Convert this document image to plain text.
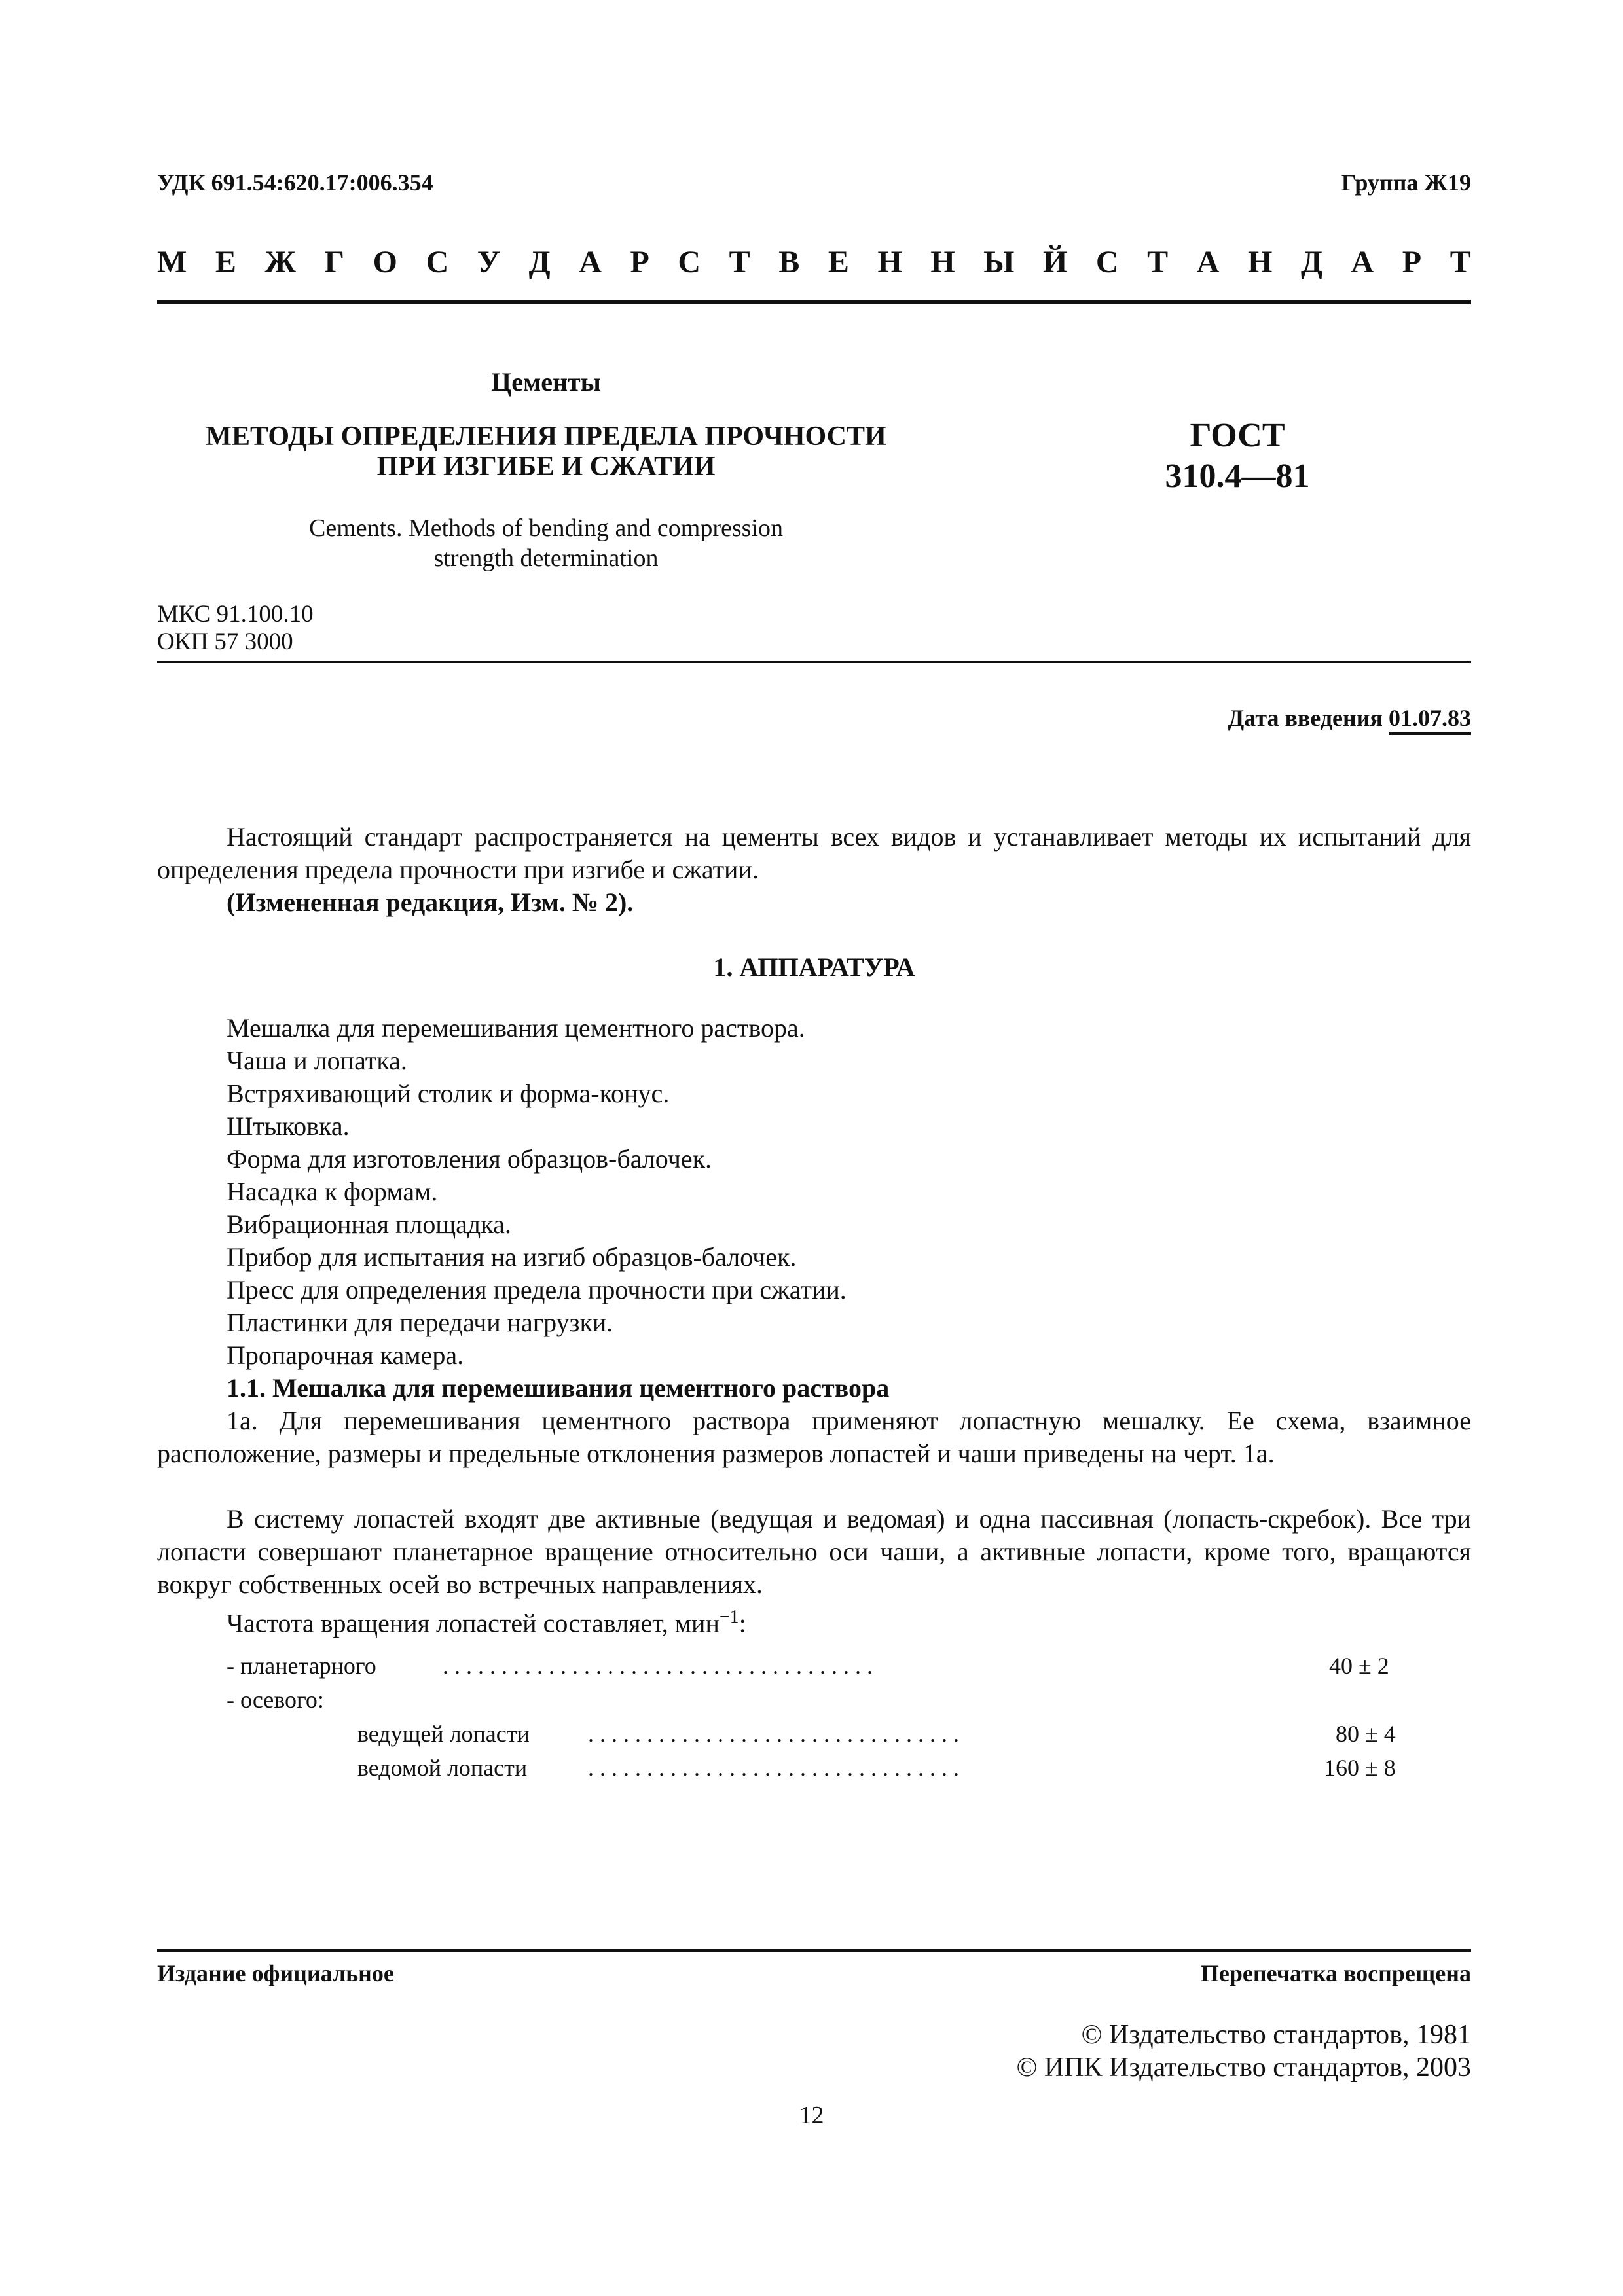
УДК 691.54:620.17:006.354	Группа Ж19
М Е Ж Г О С У Д А Р С Т В Е Н Н Ы Й С Т А Н Д А Р Т
Цементы
МЕТОДЫ ОПРЕДЕЛЕНИЯ ПРЕДЕЛА ПРОЧНОСТИ
ПРИ ИЗГИБЕ И СЖАТИИ
ГОСТ
310.4—81
Cements. Methods of bending and compression
strength determination
МКС 91.100.10
ОКП 57 3000
Дата введения 01.07.83
Настоящий стандарт распространяется на цементы всех видов и устанавливает методы их испытаний для определения предела прочности при изгибе и сжатии.
(Измененная редакция, Изм. № 2).
1. АППАРАТУРА
Мешалка для перемешивания цементного раствора.
Чаша и лопатка.
Встряхивающий столик и форма-конус.
Штыковка.
Форма для изготовления образцов-балочек.
Насадка к формам.
Вибрационная площадка.
Прибор для испытания на изгиб образцов-балочек.
Пресс для определения предела прочности при сжатии.
Пластинки для передачи нагрузки.
Пропарочная камера.
1.1. Мешалка для перемешивания цементного раствора
1а. Для перемешивания цементного раствора применяют лопастную мешалку. Ее схема, взаимное расположение, размеры и предельные отклонения размеров лопастей и чаши приведены на черт. 1а.
В систему лопастей входят две активные (ведущая и ведомая) и одна пассивная (лопасть-скребок). Все три лопасти совершают планетарное вращение относительно оси чаши, а активные лопасти, кроме того, вращаются вокруг собственных осей во встречных направлениях.
Частота вращения лопастей составляет, мин$^{-1}$:
- планетарного	. . . . . . . . . . . . . . . . . . . . . . . . . . . . . . . . . . . . .	40 ± 2
- осевого:
ведущей лопасти . . . . . . . . . . . . . . . . . . . . . . . . . . . . . . . .	80 ± 4
ведомой лопасти	. . . . . . . . . . . . . . . . . . . . . . . . . . . . . . . .	160 ± 8
Издание официальное	Перепечатка воспрещена
© Издательство стандартов, 1981
© ИПК Издательство стандартов, 2003
12
